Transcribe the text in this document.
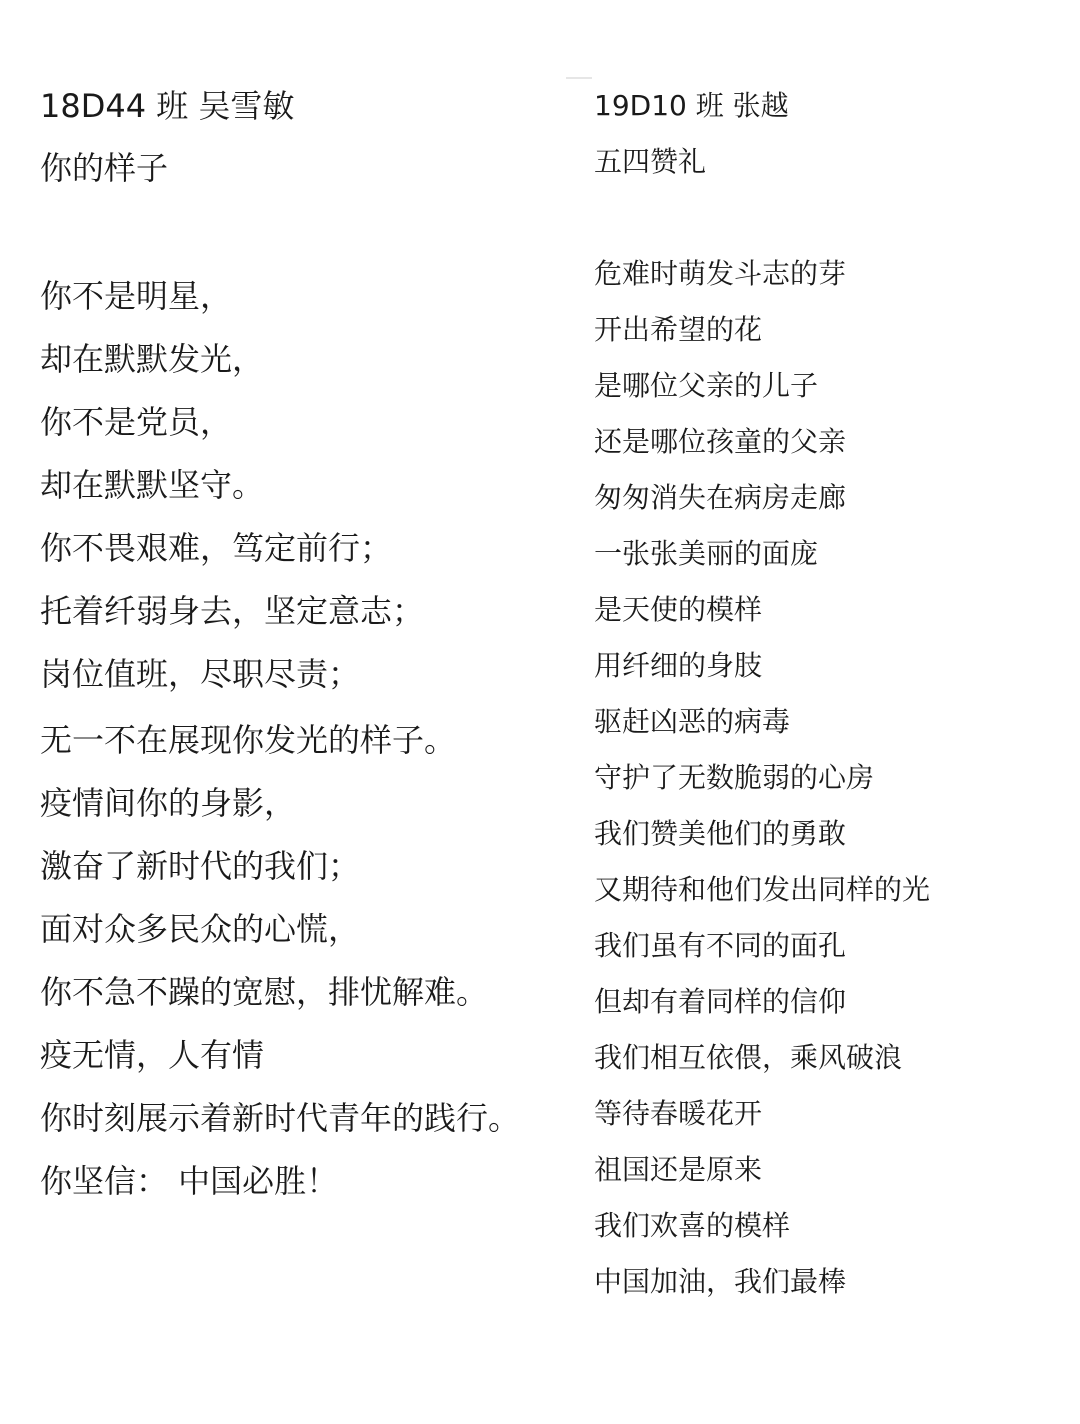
18D44 班 吴雪敏
你的样子
你不是明星，
却在默默发光，
你不是党员，
却在默默坚守。
你不畏艰难，笃定前行；
托着纤弱身去，坚定意志；
岗位值班，尽职尽责；
无一不在展现你发光的样子。
疫情间你的身影，
激奋了新时代的我们；
面对众多民众的心慌，
你不急不躁的宽慰，排忧解难。
疫无情，人有情
你时刻展示着新时代青年的践行。
你坚信： 中国必胜！
19D10 班 张越
五四赞礼
危难时萌发斗志的芽
开出希望的花
是哪位父亲的儿子
还是哪位孩童的父亲
匆匆消失在病房走廊
一张张美丽的面庞
是天使的模样
用纤细的身肢
驱赶凶恶的病毒
守护了无数脆弱的心房
我们赞美他们的勇敢
又期待和他们发出同样的光
我们虽有不同的面孔
但却有着同样的信仰
我们相互依偎，乘风破浪
等待春暖花开
祖国还是原来
我们欢喜的模样
中国加油，我们最棒
